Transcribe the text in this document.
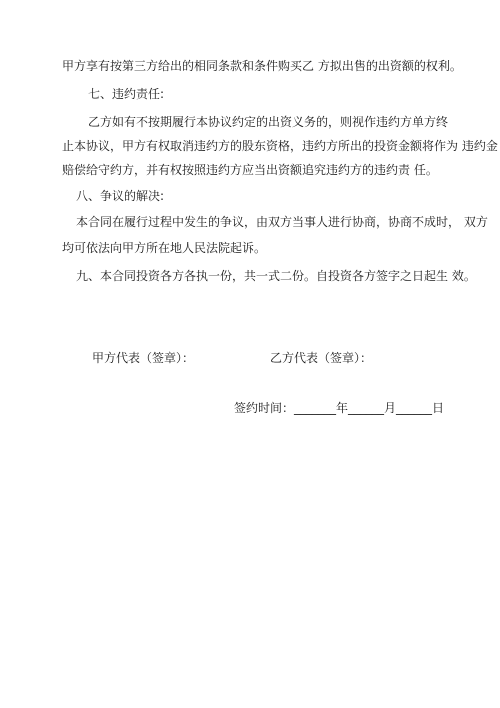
甲方享有按第三方给出的相同条款和条件购买乙 方拟出售的出资额的权利。
七、违约责任:
乙方如有不按期履行本协议约定的出资义务的，则视作违约方单方终
止本协议，甲方有权取消违约方的股东资格，违约方所出的投资金额将作为 违约金
赔偿给守约方，并有权按照违约方应当出资额追究违约方的违约责 任。
八、争议的解决:
本合同在履行过程中发生的争议，由双方当事人进行协商，协商不成时， 双方
均可依法向甲方所在地人民法院起诉。
九、本合同投资各方各执一份，共一式二份。自投资各方签字之日起生 效。
甲方代表（签章）：	乙方代表（签章）：
签约时间：_______年______月______日
